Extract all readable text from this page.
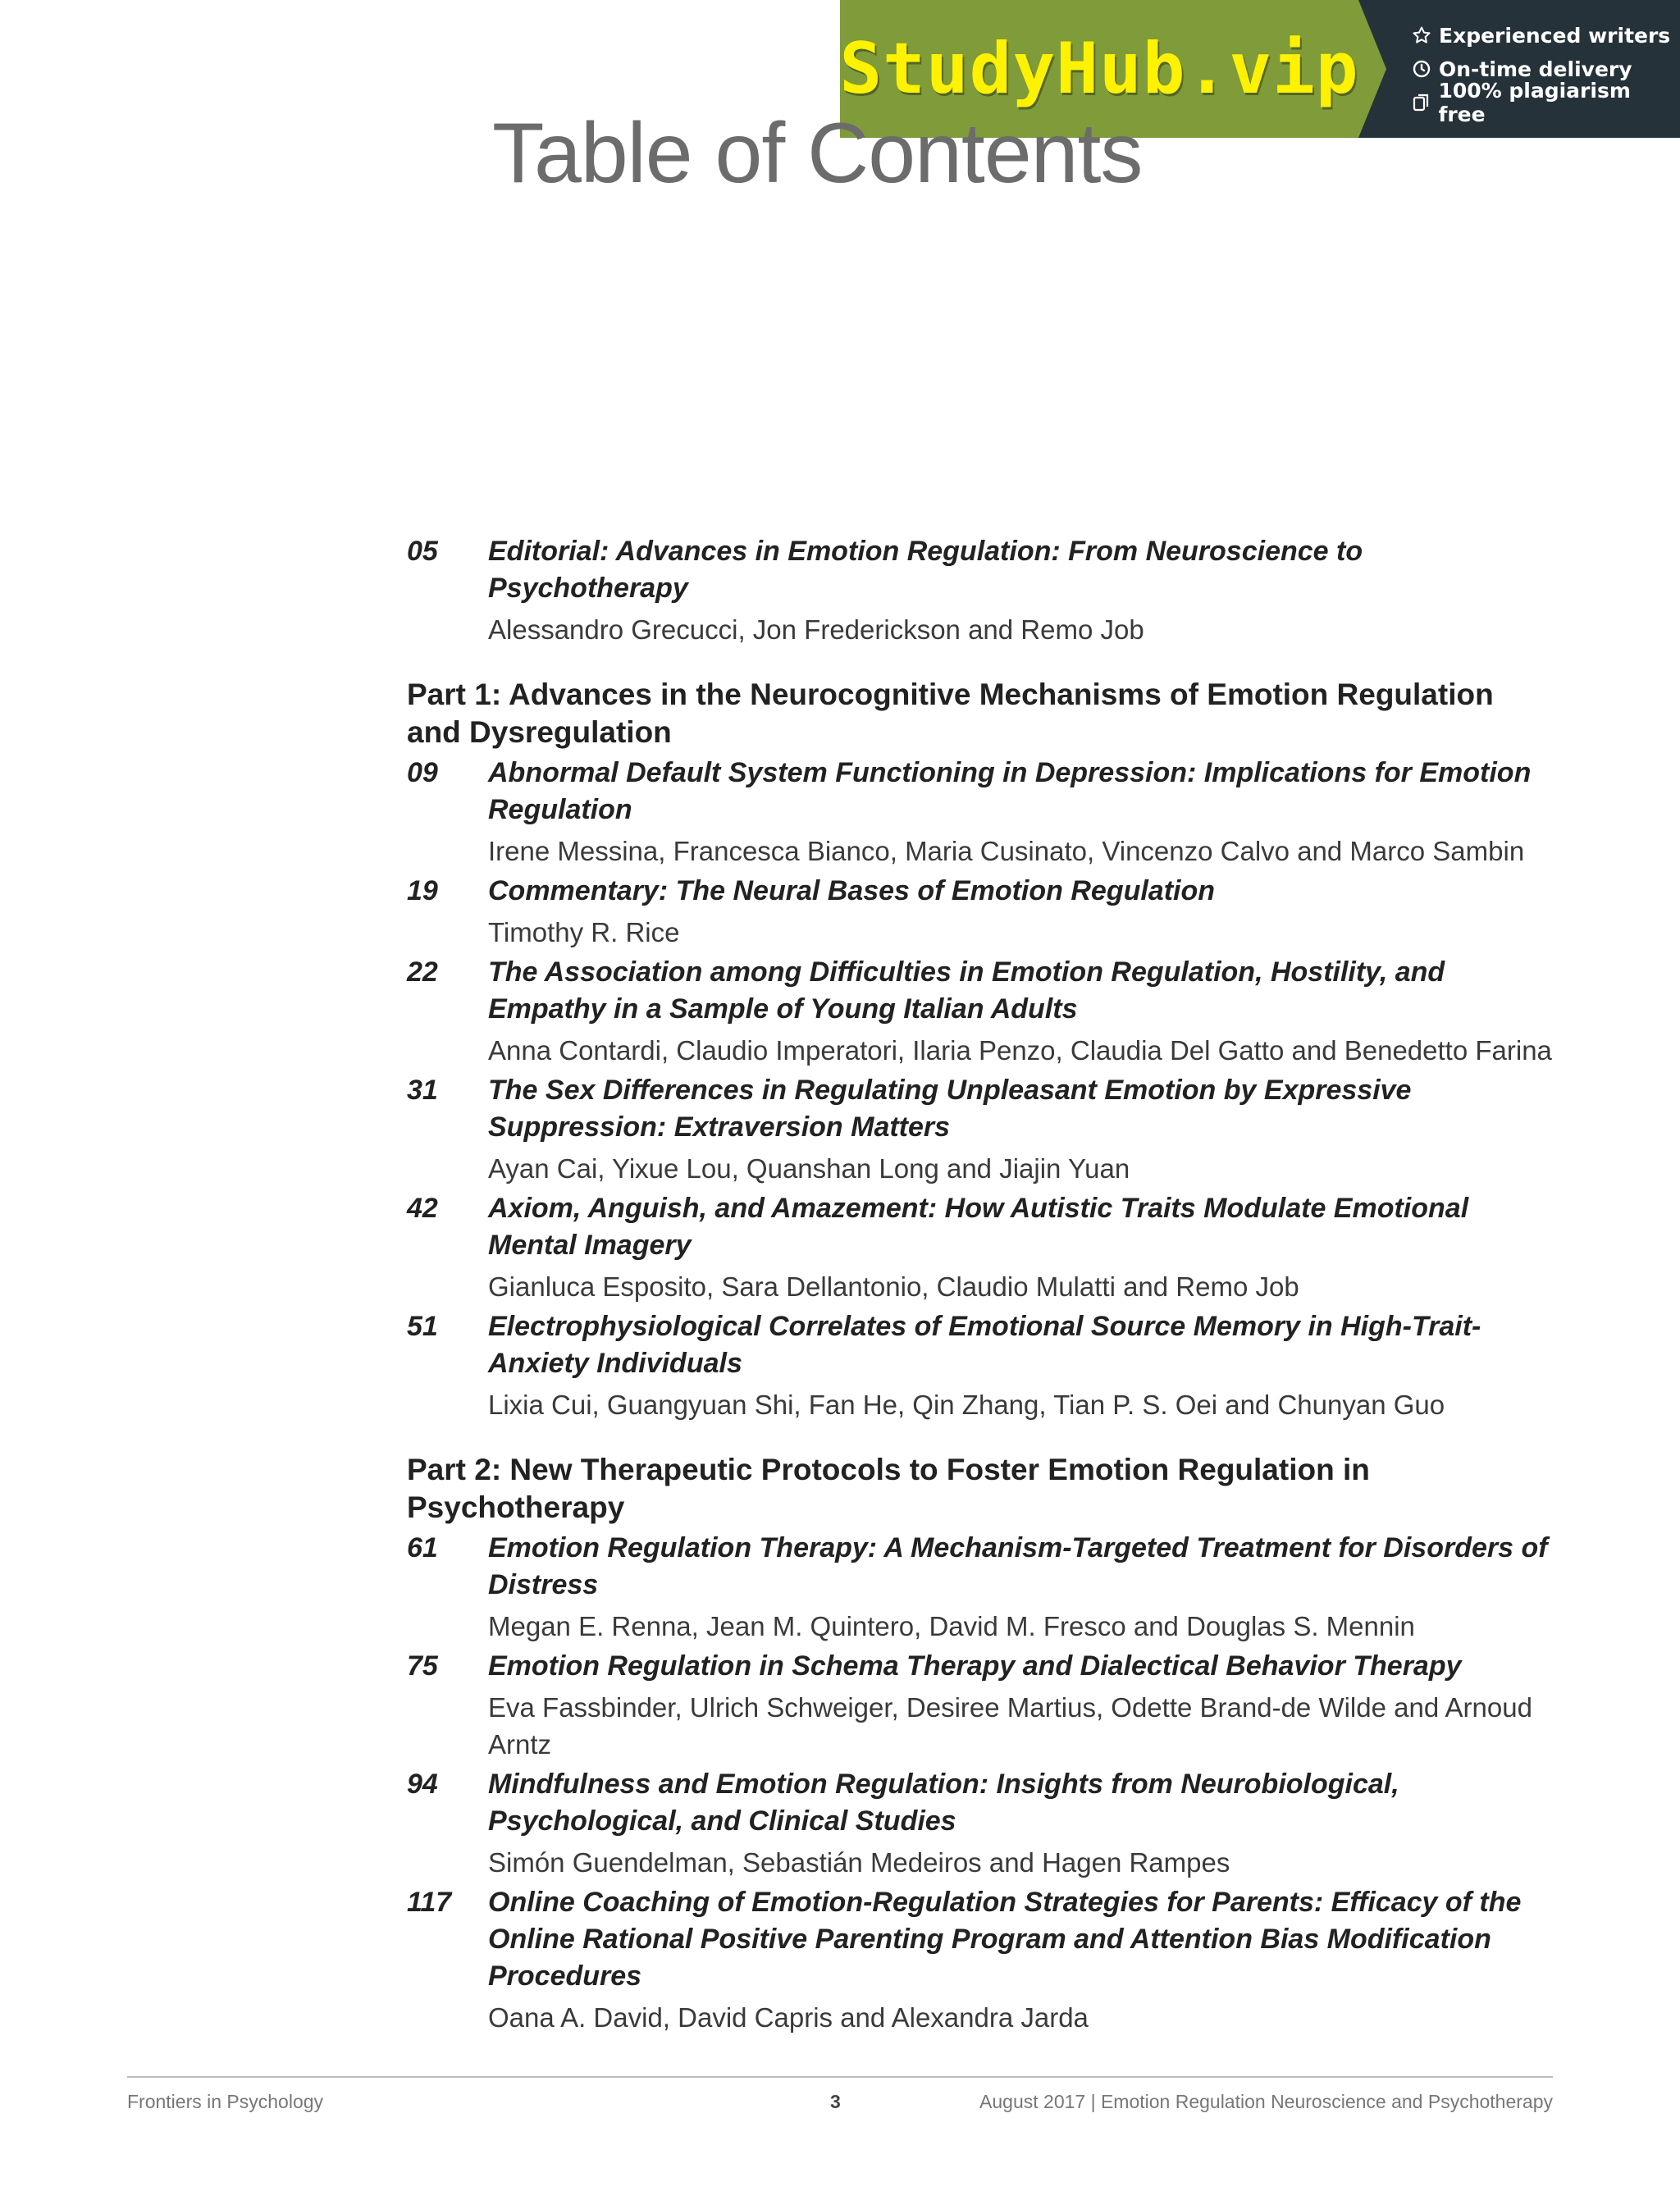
StudyHub.vip	Experienced writers
On-time delivery
100% plagiarism free
Table of Contents
05	Editorial: Advances in Emotion Regulation: From Neuroscience to Psychotherapy
Alessandro Grecucci, Jon Frederickson and Remo Job
Part 1: Advances in the Neurocognitive Mechanisms of Emotion Regulation and Dysregulation
09	Abnormal Default System Functioning in Depression: Implications for Emotion Regulation
Irene Messina, Francesca Bianco, Maria Cusinato, Vincenzo Calvo and Marco Sambin
19	Commentary: The Neural Bases of Emotion Regulation
Timothy R. Rice
22	The Association among Difficulties in Emotion Regulation, Hostility, and Empathy in a Sample of Young Italian Adults
Anna Contardi, Claudio Imperatori, Ilaria Penzo, Claudia Del Gatto and Benedetto Farina
31	The Sex Differences in Regulating Unpleasant Emotion by Expressive Suppression: Extraversion Matters
Ayan Cai, Yixue Lou, Quanshan Long and Jiajin Yuan
42	Axiom, Anguish, and Amazement: How Autistic Traits Modulate Emotional Mental Imagery
Gianluca Esposito, Sara Dellantonio, Claudio Mulatti and Remo Job
51	Electrophysiological Correlates of Emotional Source Memory in High-Trait-Anxiety Individuals
Lixia Cui, Guangyuan Shi, Fan He, Qin Zhang, Tian P. S. Oei and Chunyan Guo
Part 2: New Therapeutic Protocols to Foster Emotion Regulation in Psychotherapy
61	Emotion Regulation Therapy: A Mechanism-Targeted Treatment for Disorders of Distress
Megan E. Renna, Jean M. Quintero, David M. Fresco and Douglas S. Mennin
75	Emotion Regulation in Schema Therapy and Dialectical Behavior Therapy
Eva Fassbinder, Ulrich Schweiger, Desiree Martius, Odette Brand-de Wilde and Arnoud Arntz
94	Mindfulness and Emotion Regulation: Insights from Neurobiological, Psychological, and Clinical Studies
Simón Guendelman, Sebastián Medeiros and Hagen Rampes
117	Online Coaching of Emotion-Regulation Strategies for Parents: Efficacy of the Online Rational Positive Parenting Program and Attention Bias Modification Procedures
Oana A. David, David Capris and Alexandra Jarda
Frontiers in Psychology	3	August 2017 | Emotion Regulation Neuroscience and Psychotherapy
